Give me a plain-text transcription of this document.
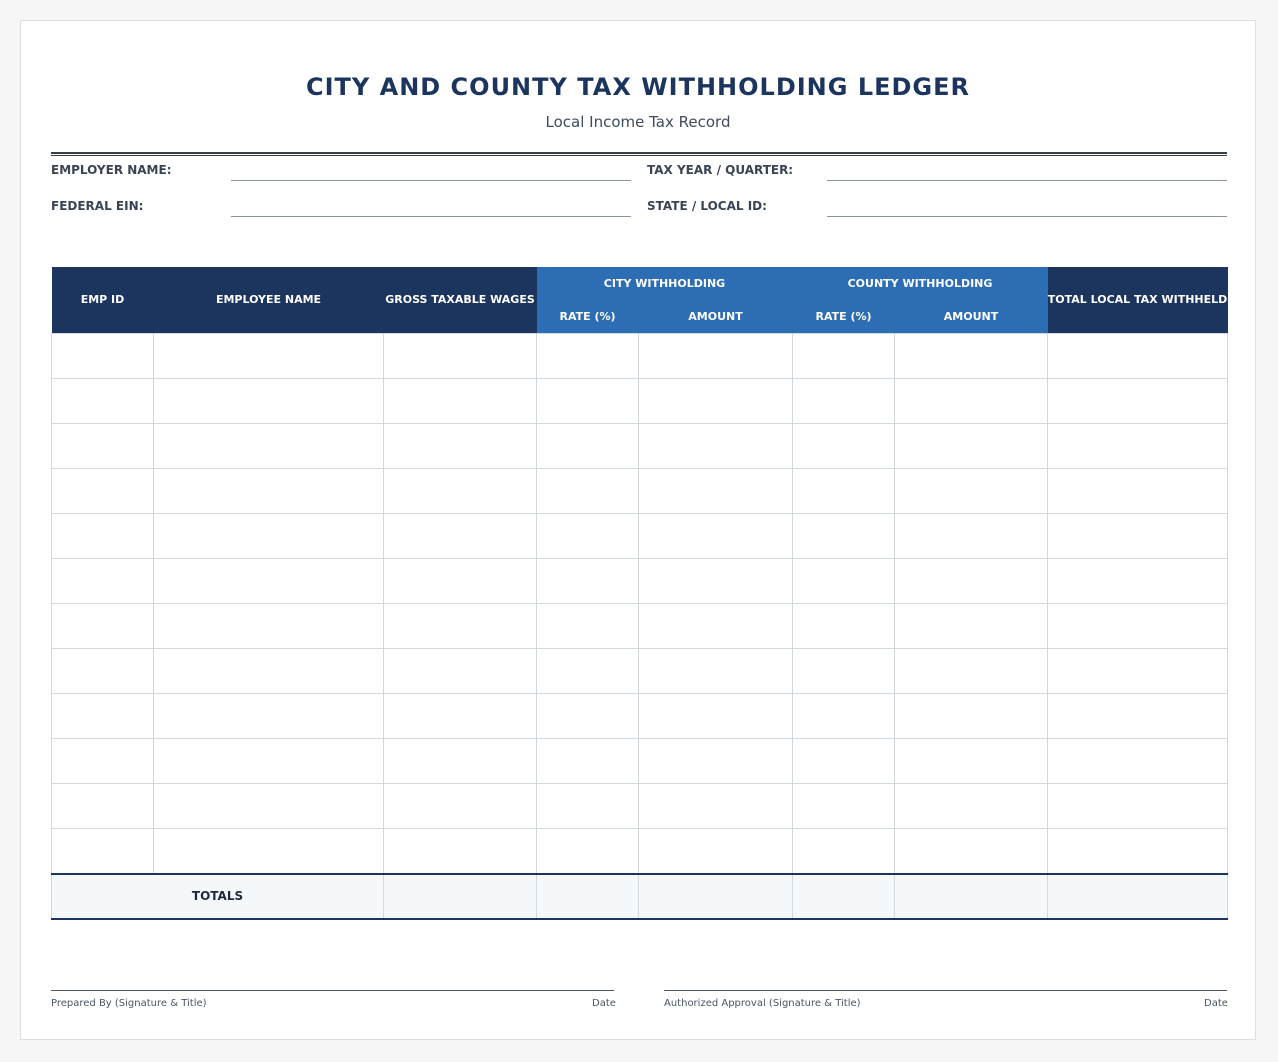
CITY AND COUNTY TAX WITHHOLDING LEDGER
Local Income Tax Record
EMPLOYER NAME:	TAX YEAR / QUARTER:
FEDERAL EIN:	STATE / LOCAL ID:
EMP ID	EMPLOYEE NAME	GROSS TAXABLE WAGES	CITY WITHHOLDING		COUNTY WITHHOLDING		TOTAL LOCAL TAX WITHHELD
			RATE (%)	AMOUNT	RATE (%)	AMOUNT	

TOTALS							
Prepared By (Signature & Title)	Date	Authorized Approval (Signature & Title)	Date
